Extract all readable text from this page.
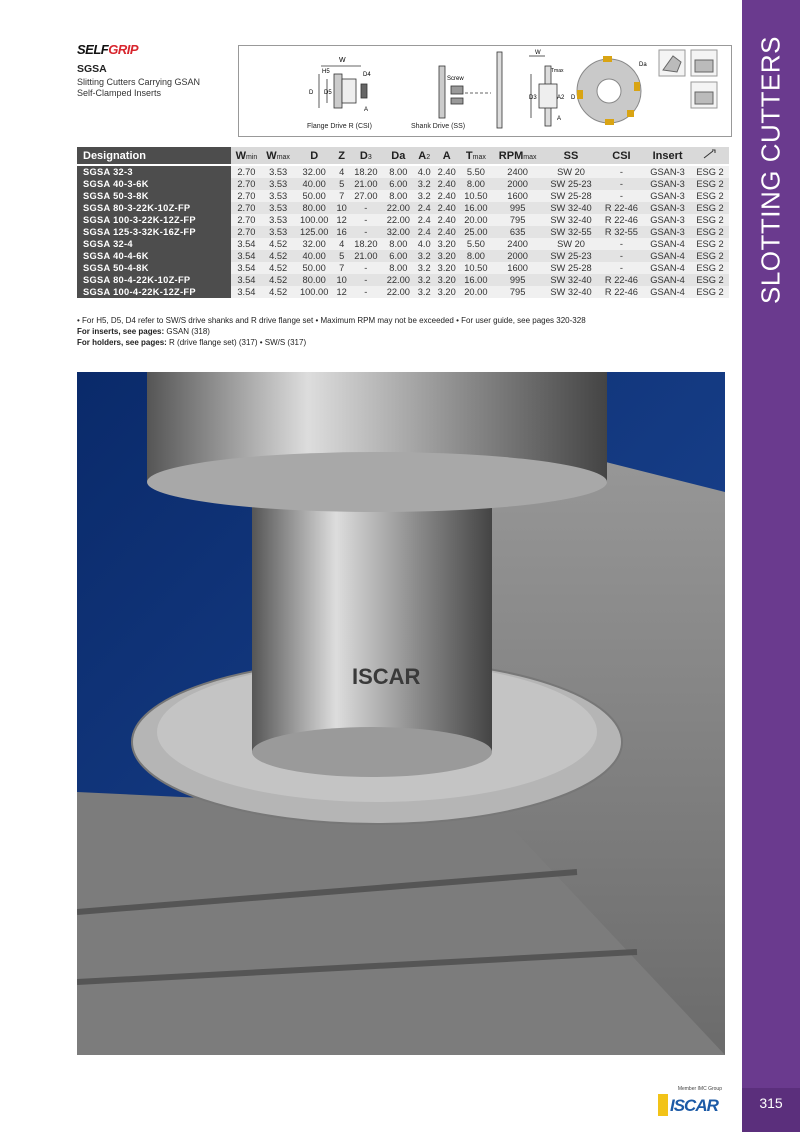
SLOTTING CUTTERS
315
SELFGRIP
SGSA
Slitting Cutters Carrying GSAN
Self-Clamped Inserts
W
H5	D4
D D5
A
Screw
W
Tmax
D3	A2 D
A
Da
Flange Drive R (CSI)	Shank Drive (SS)
Designation	Wmin	Wmax	D	Z	D3	Da	A2	A	Tmax	RPMmax	SS	CSI	Insert	
SGSA 32-3	2.70	3.53	32.00	4	18.20	8.00	4.0	2.40	5.50	2400	SW 20	-	GSAN-3	ESG 2
SGSA 40-3-6K	2.70	3.53	40.00	5	21.00	6.00	3.2	2.40	8.00	2000	SW 25-23	-	GSAN-3	ESG 2
SGSA 50-3-8K	2.70	3.53	50.00	7	27.00	8.00	3.2	2.40	10.50	1600	SW 25-28	-	GSAN-3	ESG 2
SGSA 80-3-22K-10Z-FP	2.70	3.53	80.00	10	-	22.00	2.4	2.40	16.00	995	SW 32-40	R 22-46	GSAN-3	ESG 2
SGSA 100-3-22K-12Z-FP	2.70	3.53	100.00	12	-	22.00	2.4	2.40	20.00	795	SW 32-40	R 22-46	GSAN-3	ESG 2
SGSA 125-3-32K-16Z-FP	2.70	3.53	125.00	16	-	32.00	2.4	2.40	25.00	635	SW 32-55	R 32-55	GSAN-3	ESG 2
SGSA 32-4	3.54	4.52	32.00	4	18.20	8.00	4.0	3.20	5.50	2400	SW 20	-	GSAN-4	ESG 2
SGSA 40-4-6K	3.54	4.52	40.00	5	21.00	6.00	3.2	3.20	8.00	2000	SW 25-23	-	GSAN-4	ESG 2
SGSA 50-4-8K	3.54	4.52	50.00	7	-	8.00	3.2	3.20	10.50	1600	SW 25-28	-	GSAN-4	ESG 2
SGSA 80-4-22K-10Z-FP	3.54	4.52	80.00	10	-	22.00	3.2	3.20	16.00	995	SW 32-40	R 22-46	GSAN-4	ESG 2
SGSA 100-4-22K-12Z-FP	3.54	4.52	100.00	12	-	22.00	3.2	3.20	20.00	795	SW 32-40	R 22-46	GSAN-4	ESG 2
• For H5, D5, D4 refer to SW/S drive shanks and R drive flange set • Maximum RPM may not be exceeded • For user guide, see pages 320-328
For inserts, see pages: GSAN (318)
For holders, see pages: R (drive flange set) (317) • SW/S (317)
ISCAR
Member IMC Group
ISCAR
